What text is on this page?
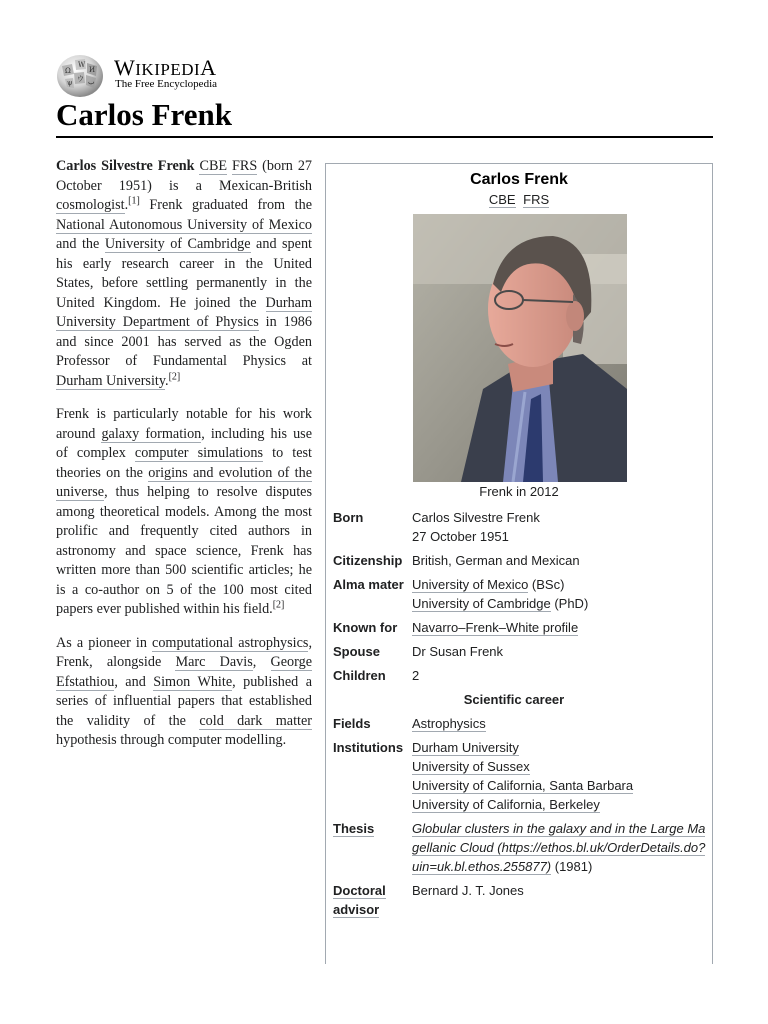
Ω
W
И
ウ ب
ψ
WIKIPEDIA
The Free Encyclopedia
Carlos Frenk

Carlos Silvestre Frenk CBE FRS (born 27 October 1951) is a Mexican-British cosmologist.[1] Frenk graduated from the National Autonomous University of Mexico and the University of Cambridge and spent his early research career in the United States, before settling permanently in the United Kingdom. He joined the Durham University Department of Physics in 1986 and since 2001 has served as the Ogden Professor of Fundamental Physics at Durham University.[2]

Frenk is particularly notable for his work around galaxy formation, including his use of complex computer simulations to test theories on the origins and evolution of the universe, thus helping to resolve disputes among theoretical models. Among the most prolific and frequently cited authors in astronomy and space science, Frenk has written more than 500 scientific articles; he is a co-author on 5 of the 100 most cited papers ever published within his field.[2]

As a pioneer in computational astrophysics, Frenk, alongside Marc Davis, George Efstathiou, and Simon White, published a series of influential papers that established the validity of the cold dark matter hypothesis through computer modelling.

Carlos Frenk
CBE FRS
Frenk in 2012
Born	Carlos Silvestre Frenk
27 October 1951

Citizenship	British, German and Mexican
Alma mater	University of Mexico (BSc)
University of Cambridge (PhD)

Known for	Navarro–Frenk–White profile
Spouse	Dr Susan Frenk
Children	2
Scientific career	
Fields	Astrophysics
Institutions	Durham University
University of Sussex
University of California, Santa Barbara
University of California, Berkeley

Thesis	Globular clusters in the galaxy and in the Large Magellanic Cloud (https://ethos.bl.uk/OrderDetails.do?uin=uk.bl.ethos.255877) (1981)
Doctoral advisor	Bernard J. T. Jones
